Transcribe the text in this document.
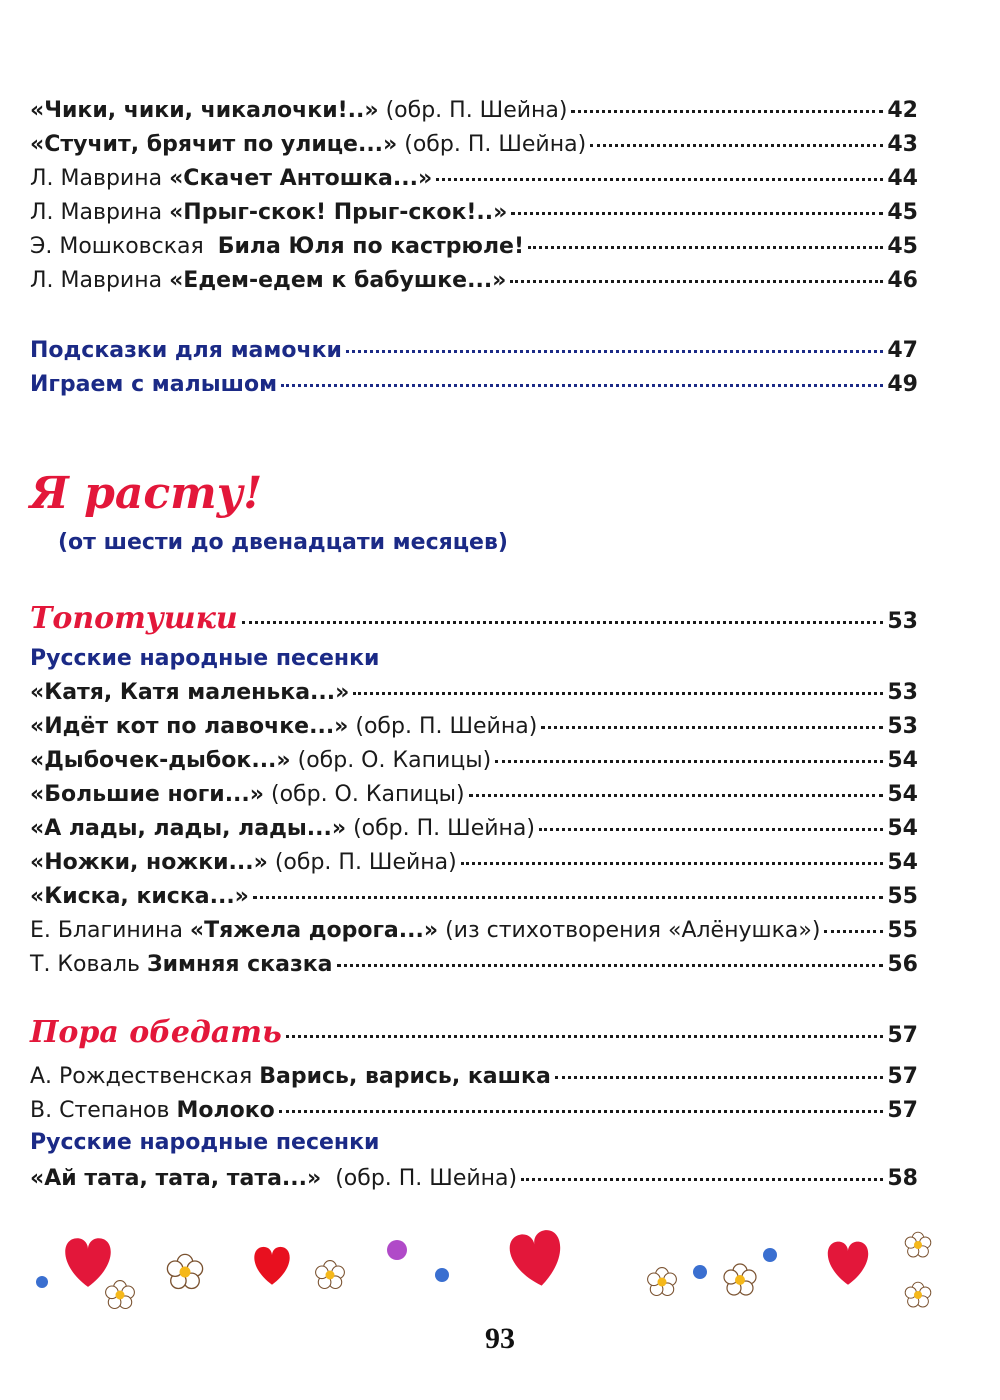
«Чики, чики, чикалочки!..» (обр. П. Шейна)	42
«Стучит, брячит по улице...» (обр. П. Шейна)	43
Л. Маврина «Скачет Антошка...»	44
Л. Маврина «Прыг-скок! Прыг-скок!..»	45
Э. Мошковская  Била Юля по кастрюле!	45
Л. Маврина «Едем-едем к бабушке...»	46
Подсказки для мамочки	47
Играем с малышом	49
Я расту!
(от шести до двенадцати месяцев)
Топотушки	53
Русские народные песенки
«Катя, Катя маленька...»	53
«Идёт кот по лавочке...» (обр. П. Шейна)	53
«Дыбочек-дыбок...» (обр. О. Капицы)	54
«Большие ноги...» (обр. О. Капицы)	54
«А лады, лады, лады...» (обр. П. Шейна)	54
«Ножки, ножки...» (обр. П. Шейна)	54
«Киска, киска...»	55
Е. Благинина «Тяжела дорога...» (из стихотворения «Алёнушка»)	55
Т. Коваль Зимняя сказка	56
Пора обедать	57
А. Рождественская Варись, варись, кашка	57
В. Степанов Молоко	57
Русские народные песенки
«Ай тата, тата, тата...»  (обр. П. Шейна)	58
93
